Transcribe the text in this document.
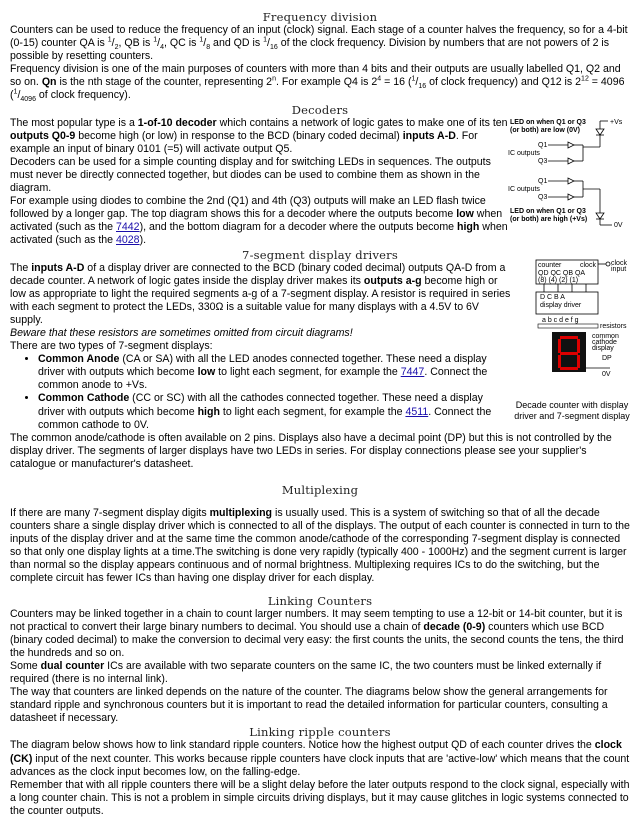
Frequency division

Counters can be used to reduce the frequency of an input (clock) signal. Each stage of a counter halves the frequency, so for a 4-bit (0-15) counter QA is $^1/_2$, QB is $^1/_4$, QC is $^1/_8$ and QD is $^1/_{16}$ of the clock frequency. Division by numbers that are not powers of 2 is possible by resetting counters.

Frequency division is one of the main purposes of counters with more than 4 bits and their outputs are usually labelled Q1, Q2 and so on. Qn is the nth stage of the counter, representing 2$^n$. For example Q4 is $2^4 = 16$ ($^1/_{16}$ of clock frequency) and Q12 is $2^{12} = 4096$ ($^1/_{4096}$ of clock frequency).

Decoders

The most popular type is a 1-of-10 decoder which contains a network of logic gates to make one of its ten outputs Q0-9 become high (or low) in response to the BCD (binary coded decimal) inputs A-D. For example an input of binary 0101 (=5) will activate output Q5.

Decoders can be used for a simple counting display and for switching LEDs in sequences. The outputs must never be directly connected together, but diodes can be used to combine them as shown in the diagram.

For example using diodes to combine the 2nd (Q1) and 4th (Q3) outputs will make an LED flash twice followed by a longer gap. The top diagram shows this for a decoder where the outputs become low when activated (such as the 7442), and the bottom diagram for a decoder where the outputs become high when activated (such as the 4028).

LED on when Q1 or Q3
(or both) are low (0V)
+Vs
Q1
IC outputs
Q3
Q1
IC outputs
Q3
0V
LED on when Q1 or Q3
(or both) are high (+Vs)
7-segment display drivers

The inputs A-D of a display driver are connected to the BCD (binary coded decimal) outputs QA-D from a decade counter. A network of logic gates inside the display driver makes its outputs a-g become high or low as appropriate to light the required segments a-g of a 7-segment display. A resistor is required in series with each segment to protect the LEDs, 330Ω is a suitable value for many displays with a 4.5V to 6V supply.

Beware that these resistors are sometimes omitted from circuit diagrams!

There are two types of 7-segment displays:

• Common Anode (CA or SA) with all the LED anodes connected together. These need a display driver with outputs which become low to light each segment, for example the 7447. Connect the common anode to +Vs.
• Common Cathode (CC or SC) with all the cathodes connected together. These need a display driver with outputs which become high to light each segment, for example the 4511. Connect the common cathode to 0V.

The common anode/cathode is often available on 2 pins. Displays also have a decimal point (DP) but this is not controlled by the display driver. The segments of larger displays have two LEDs in series. For display connections please see your supplier's catalogue or manufacturer's datasheet.

counter	clock
QD QC QB QA
(8) (4) (2) (1)
clock
input
D C B A
display driver
a b c d e f g
resistors
common
cathode
display
DP
0V
Decade counter with display driver and 7-segment display
Multiplexing

If there are many 7-segment display digits multiplexing is usually used. This is a system of switching so that of all the decade counters share a single display driver which is connected to all of the displays. The output of each counter is connected in turn to the inputs of the display driver and at the same time the common anode/cathode of the corresponding 7-segment display is connected so that only one display lights at a time.The switching is done very rapidly (typically 400 - 1000Hz) and the segment current is larger than normal so the display appears continuous and of normal brightness. Multiplexing requires ICs to do the switching, but the complete circuit has fewer ICs than having one display driver for each display.

Linking Counters

Counters may be linked together in a chain to count larger numbers. It may seem tempting to use a 12-bit or 14-bit counter, but it is not practical to convert their large binary numbers to decimal. You should use a chain of decade (0-9) counters which use BCD (binary coded decimal) to make the conversion to decimal very easy: the first counts the units, the second counts the tens, the third the hundreds and so on.

Some dual counter ICs are available with two separate counters on the same IC, the two counters must be linked externally if required (there is no internal link).

The way that counters are linked depends on the nature of the counter. The diagrams below show the general arrangements for standard ripple and synchronous counters but it is important to read the detailed information for particular counters, consulting a datasheet if necessary.

Linking ripple counters

The diagram below shows how to link standard ripple counters. Notice how the highest output QD of each counter drives the clock (CK) input of the next counter. This works because ripple counters have clock inputs that are 'active-low' which means that the count advances as the clock input becomes low, on the falling-edge.

Remember that with all ripple counters there will be a slight delay before the later outputs respond to the clock signal, especially with a long counter chain. This is not a problem in simple circuits driving displays, but it may cause glitches in logic systems connected to the counter outputs.
